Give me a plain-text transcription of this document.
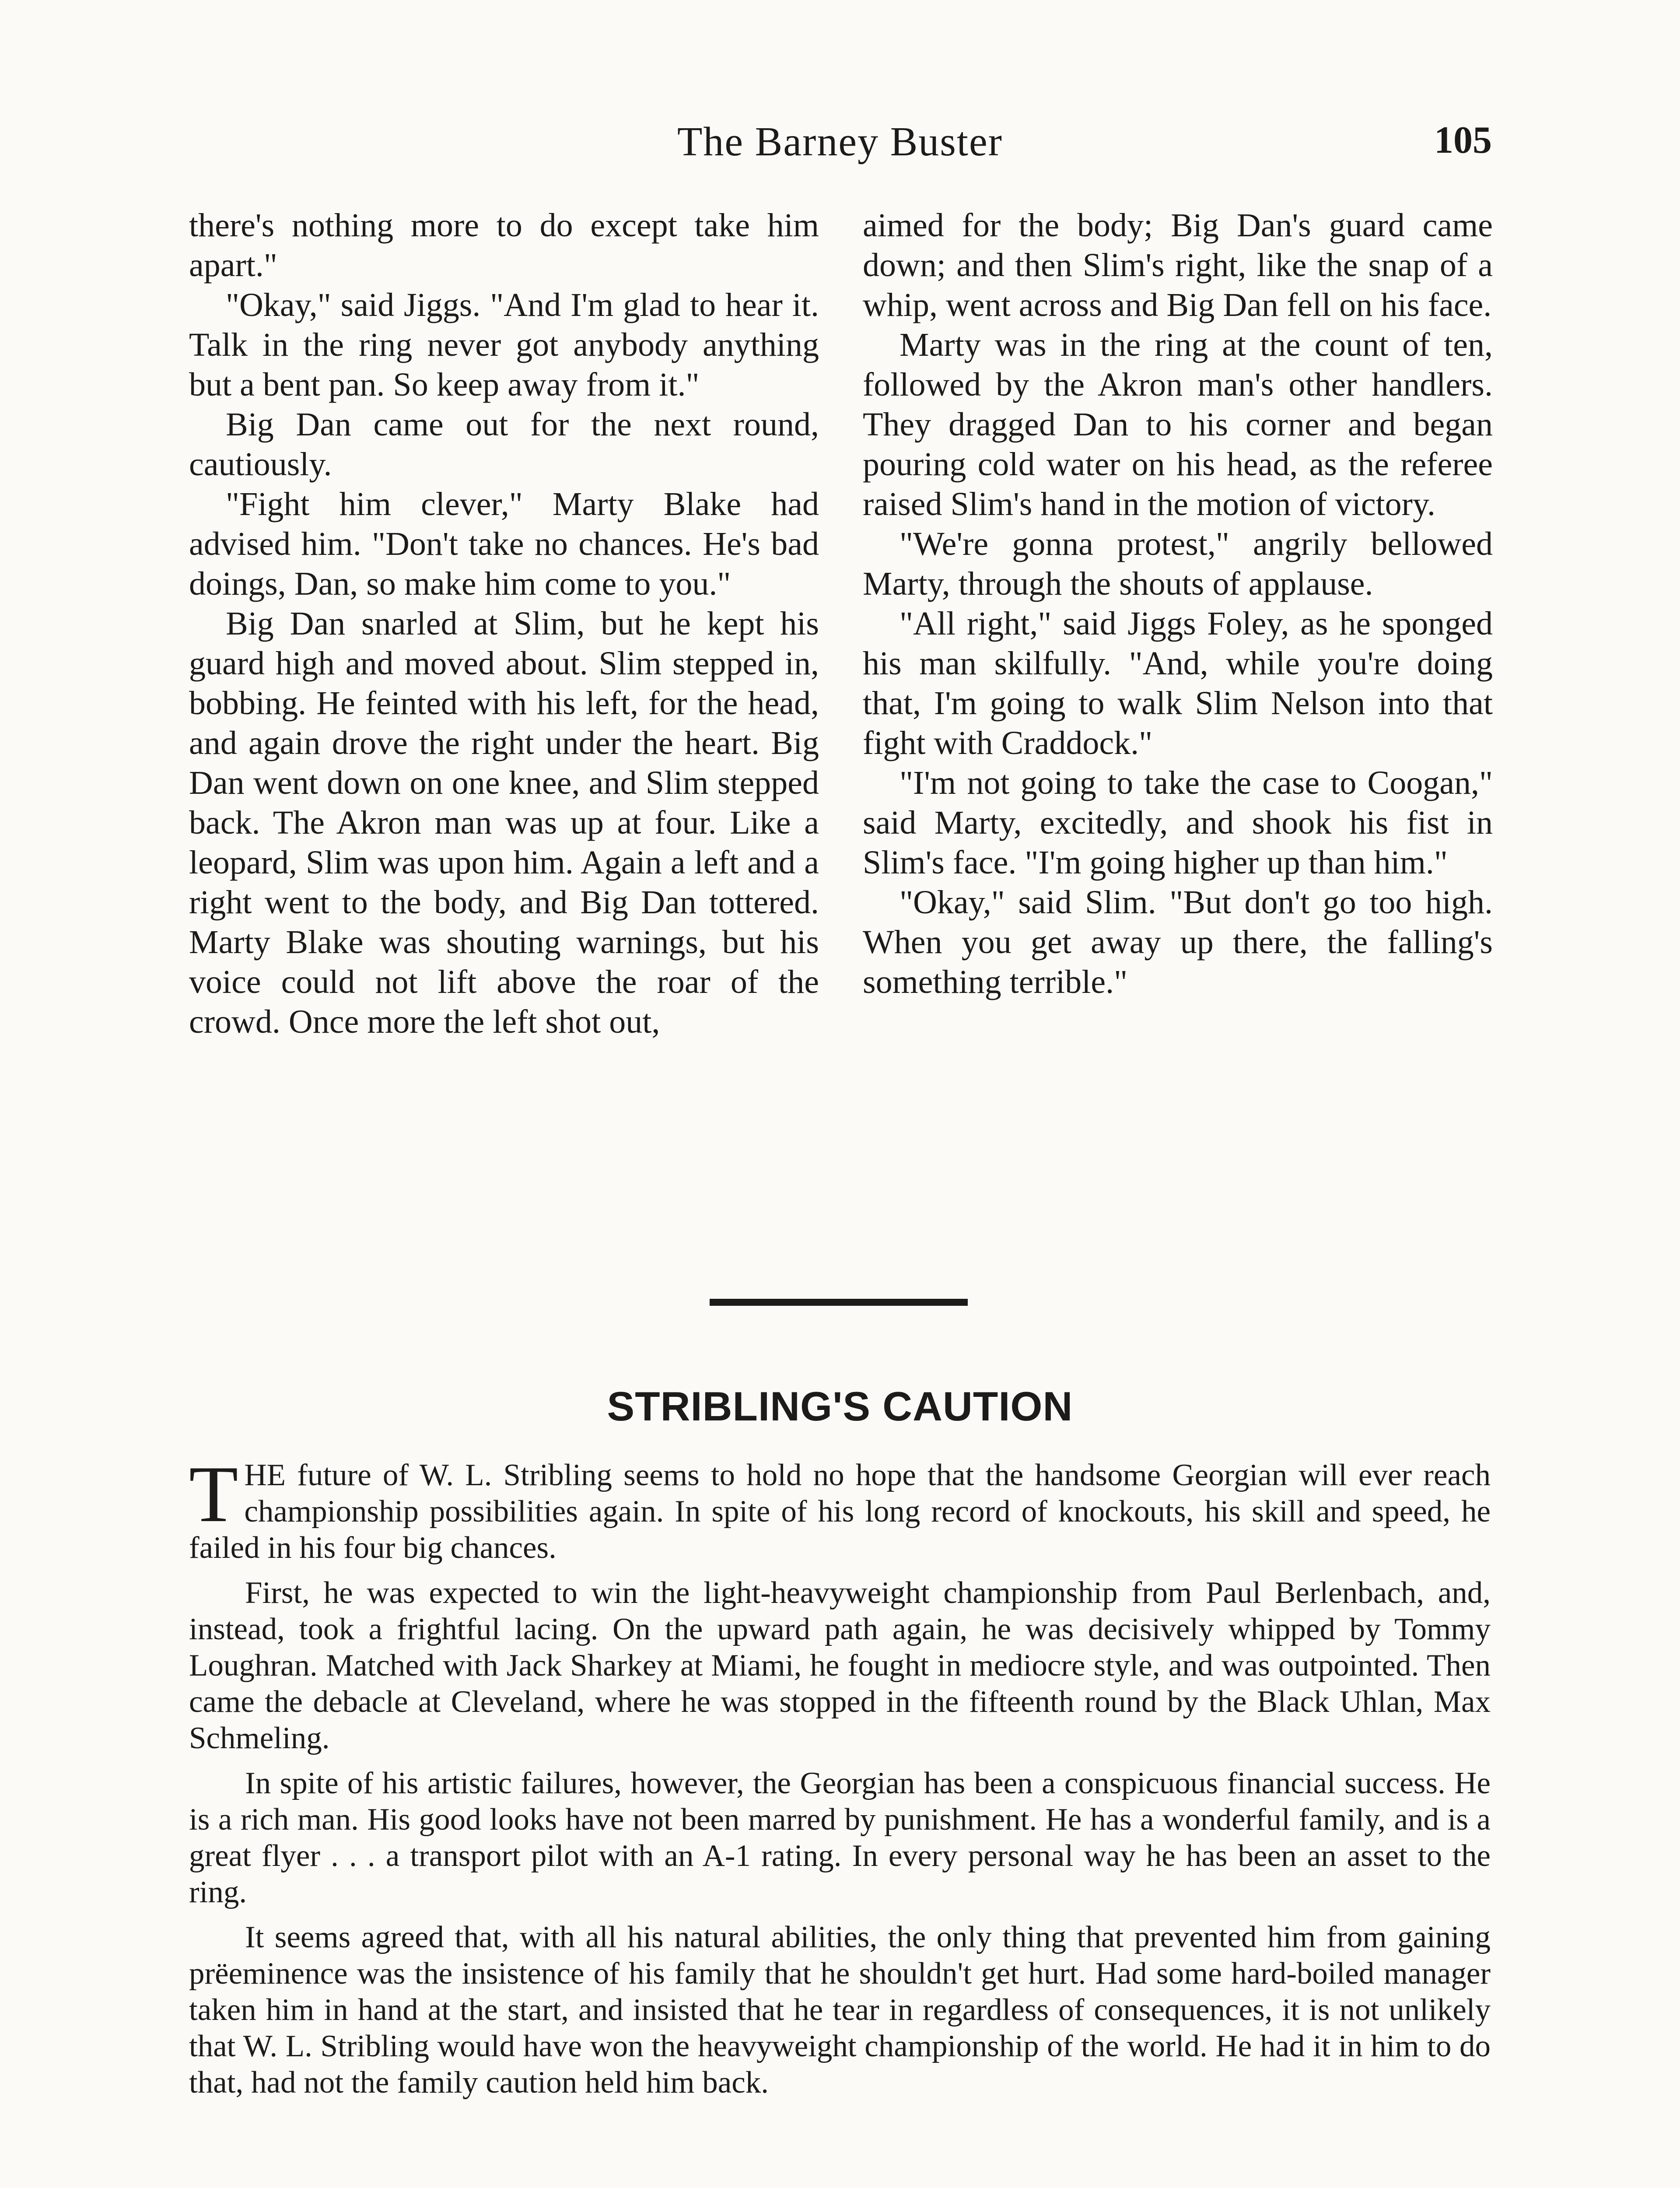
The Barney Buster	105

there's nothing more to do except take him apart."

"Okay," said Jiggs. "And I'm glad to hear it. Talk in the ring never got anybody anything but a bent pan. So keep away from it."

Big Dan came out for the next round, cautiously.

"Fight him clever," Marty Blake had advised him. "Don't take no chances. He's bad doings, Dan, so make him come to you."

Big Dan snarled at Slim, but he kept his guard high and moved about. Slim stepped in, bobbing. He feinted with his left, for the head, and again drove the right under the heart. Big Dan went down on one knee, and Slim stepped back. The Akron man was up at four. Like a leopard, Slim was upon him. Again a left and a right went to the body, and Big Dan tottered. Marty Blake was shouting warnings, but his voice could not lift above the roar of the crowd. Once more the left shot out,

aimed for the body; Big Dan's guard came down; and then Slim's right, like the snap of a whip, went across and Big Dan fell on his face.

Marty was in the ring at the count of ten, followed by the Akron man's other handlers. They dragged Dan to his corner and began pouring cold water on his head, as the referee raised Slim's hand in the motion of victory.

"We're gonna protest," angrily bellowed Marty, through the shouts of applause.

"All right," said Jiggs Foley, as he sponged his man skilfully. "And, while you're doing that, I'm going to walk Slim Nelson into that fight with Craddock."

"I'm not going to take the case to Coogan," said Marty, excitedly, and shook his fist in Slim's face. "I'm going higher up than him."

"Okay," said Slim. "But don't go too high. When you get away up there, the falling's something terrible."

STRIBLING'S CAUTION

THE future of W. L. Stribling seems to hold no hope that the handsome Georgian will ever reach championship possibilities again. In spite of his long record of knockouts, his skill and speed, he failed in his four big chances.

First, he was expected to win the light-heavyweight championship from Paul Berlenbach, and, instead, took a frightful lacing. On the upward path again, he was decisively whipped by Tommy Loughran. Matched with Jack Sharkey at Miami, he fought in mediocre style, and was outpointed. Then came the debacle at Cleveland, where he was stopped in the fifteenth round by the Black Uhlan, Max Schmeling.

In spite of his artistic failures, however, the Georgian has been a conspicuous financial success. He is a rich man. His good looks have not been marred by punishment. He has a wonderful family, and is a great flyer . . . a transport pilot with an A-1 rating. In every personal way he has been an asset to the ring.

It seems agreed that, with all his natural abilities, the only thing that prevented him from gaining prëeminence was the insistence of his family that he shouldn't get hurt. Had some hard-boiled manager taken him in hand at the start, and insisted that he tear in regardless of consequences, it is not unlikely that W. L. Stribling would have won the heavyweight championship of the world. He had it in him to do that, had not the family caution held him back.
